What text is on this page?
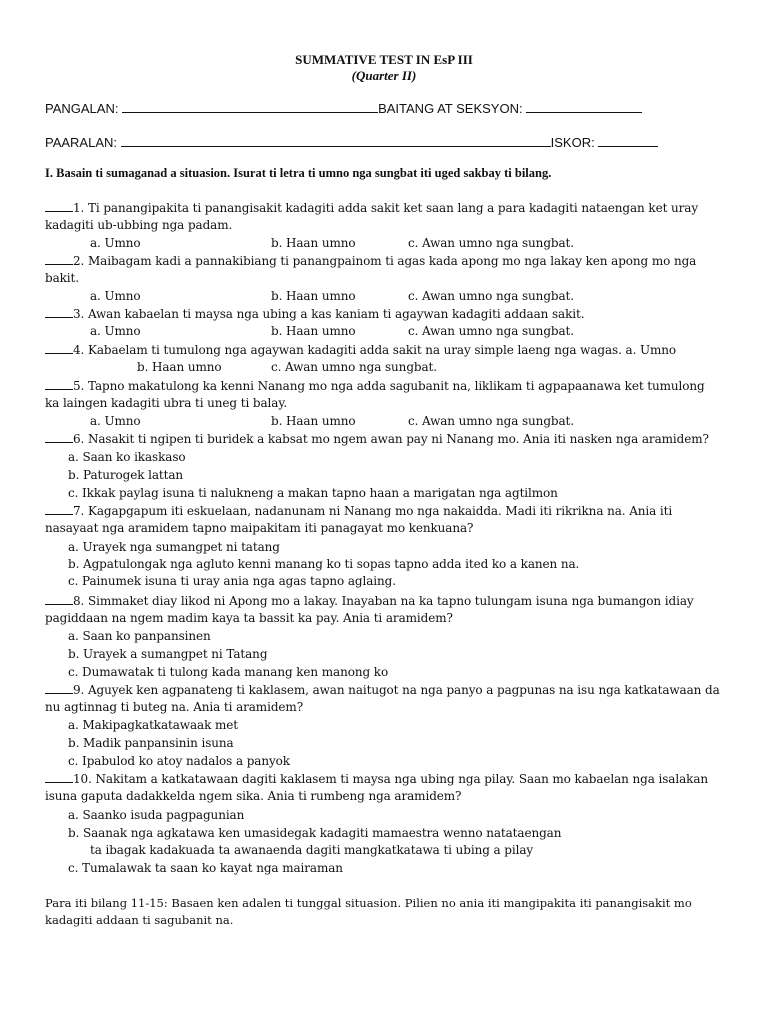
SUMMATIVE TEST IN EsP III
(Quarter II)
PANGALAN:	BAITANG AT SEKSYON:
PAARALAN:	ISKOR:
I. Basain ti sumaganad a situasion. Isurat ti letra ti umno nga sungbat iti uged sakbay ti bilang.
1. Ti panangipakita ti panangisakit kadagiti adda sakit ket saan lang a para kadagiti nataengan ket uray
kadagiti ub-ubbing nga padam.
a. Umno	b. Haan umno	c. Awan umno nga sungbat.
2. Maibagam kadi a pannakibiang ti panangpainom ti agas kada apong mo nga lakay ken apong mo nga
bakit.
a. Umno	b. Haan umno	c. Awan umno nga sungbat.
3. Awan kabaelan ti maysa nga ubing a kas kaniam ti agaywan kadagiti addaan sakit.
a. Umno	b. Haan umno	c. Awan umno nga sungbat.
4. Kabaelam ti tumulong nga agaywan kadagiti adda sakit na uray simple laeng nga wagas. a. Umno
b. Haan umno	c. Awan umno nga sungbat.
5. Tapno makatulong ka kenni Nanang mo nga adda sagubanit na, liklikam ti agpapaanawa ket tumulong
ka laingen kadagiti ubra ti uneg ti balay.
a. Umno	b. Haan umno	c. Awan umno nga sungbat.
6. Nasakit ti ngipen ti buridek a kabsat mo ngem awan pay ni Nanang mo. Ania iti nasken nga aramidem?
a. Saan ko ikaskaso
b. Paturogek lattan
c. Ikkak paylag isuna ti nalukneng a makan tapno haan a marigatan nga agtilmon
7. Kagapgapum iti eskuelaan, nadanunam ni Nanang mo nga nakaidda. Madi iti rikrikna na. Ania iti
nasayaat nga aramidem tapno maipakitam iti panagayat mo kenkuana?
a. Urayek nga sumangpet ni tatang
b. Agpatulongak nga agluto kenni manang ko ti sopas tapno adda ited ko a kanen na.
c. Painumek isuna ti uray ania nga agas tapno aglaing.
8. Simmaket diay likod ni Apong mo a lakay. Inayaban na ka tapno tulungam isuna nga bumangon idiay
pagiddaan na ngem madim kaya ta bassit ka pay. Ania ti aramidem?
a. Saan ko panpansinen
b. Urayek a sumangpet ni Tatang
c. Dumawatak ti tulong kada manang ken manong ko
9. Aguyek ken agpanateng ti kaklasem, awan naitugot na nga panyo a pagpunas na isu nga katkatawaan da
nu agtinnag ti buteg na. Ania ti aramidem?
a. Makipagkatkatawaak met
b. Madik panpansinin isuna
c. Ipabulod ko atoy nadalos a panyok
10. Nakitam a katkatawaan dagiti kaklasem ti maysa nga ubing nga pilay. Saan mo kabaelan nga isalakan
isuna gaputa dadakkelda ngem sika. Ania ti rumbeng nga aramidem?
a. Saanko isuda pagpagunian
b. Saanak nga agkatawa ken umasidegak kadagiti mamaestra wenno natataengan
ta ibagak kadakuada ta awanaenda dagiti mangkatkatawa ti ubing a pilay
c. Tumalawak ta saan ko kayat nga mairaman
Para iti bilang 11-15: Basaen ken adalen ti tunggal situasion. Pilien no ania iti mangipakita iti panangisakit mo kadagiti addaan ti sagubanit na.
